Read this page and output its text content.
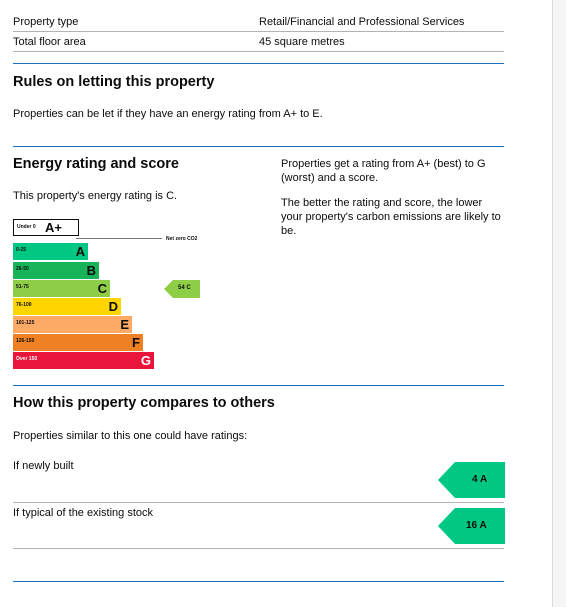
Property type	Retail/Financial and Professional Services
Total floor area	45 square metres
Rules on letting this property
Properties can be let if they have an energy rating from A+ to E.
Energy rating and score
This property's energy rating is C.
Properties get a rating from A+ (best) to G (worst) and a score.
The better the rating and score, the lower your property's carbon emissions are likely to be.
Under 0 A+
0-25	A
26-50	B
51-75	C
76-100	D
101-125	E
126-150	F
Over 150	G
Net zero CO2
54 C
How this property compares to others
Properties similar to this one could have ratings:
If newly built
4 A
If typical of the existing stock
16 A
